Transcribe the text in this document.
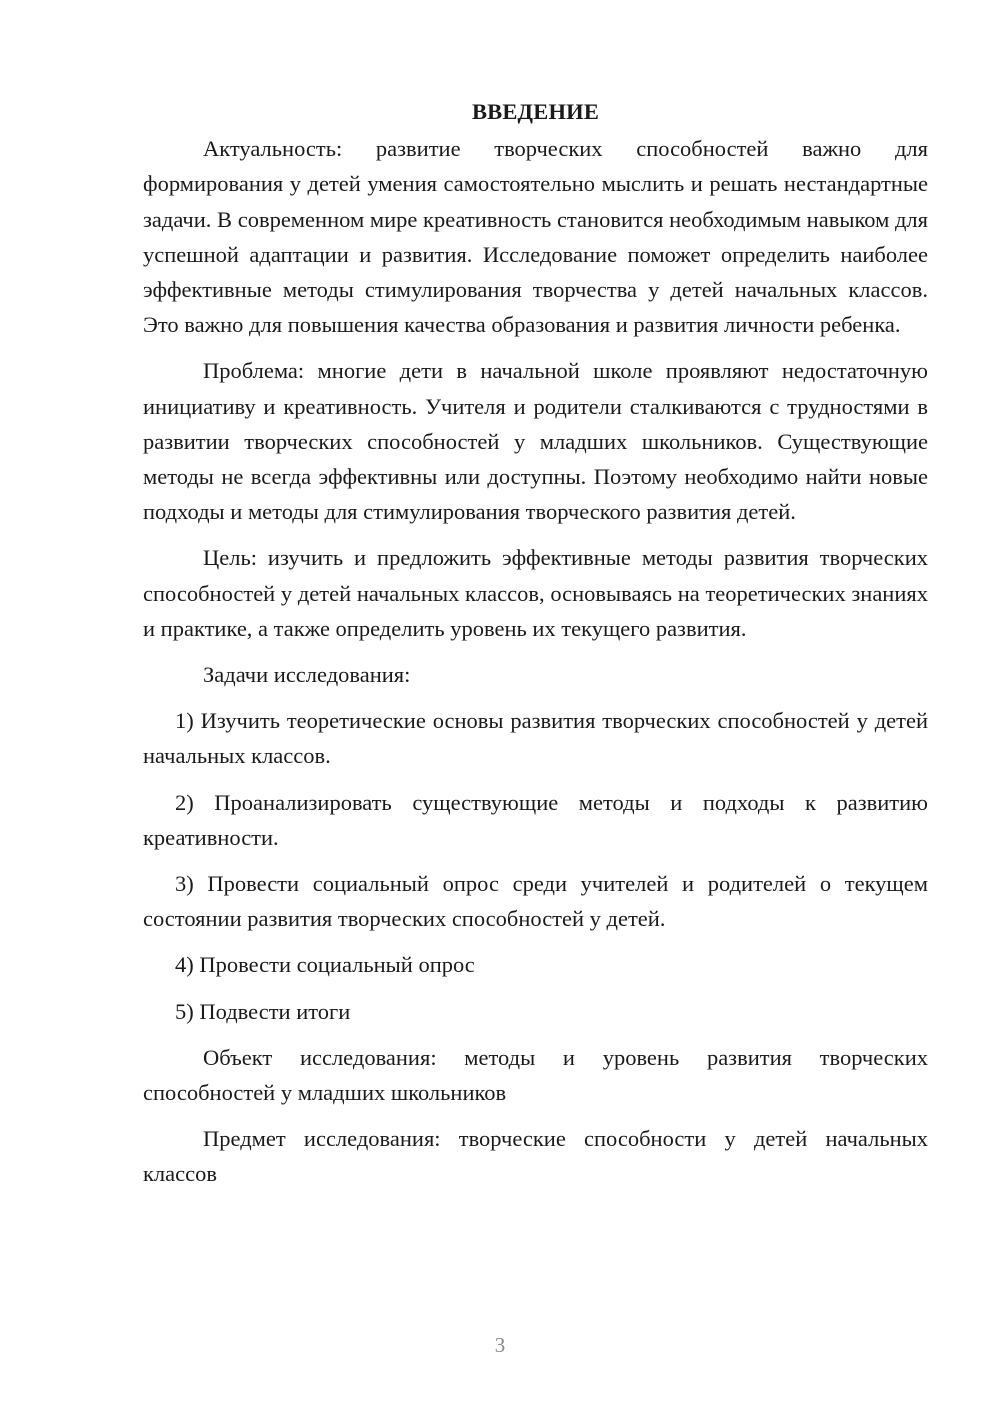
ВВЕДЕНИЕ

Актуальность: развитие творческих способностей важно для формирования у детей умения самостоятельно мыслить и решать нестандартные задачи. В современном мире креативность становится необходимым навыком для успешной адаптации и развития. Исследование поможет определить наиболее эффективные методы стимулирования творчества у детей начальных классов. Это важно для повышения качества образования и развития личности ребенка.

Проблема: многие дети в начальной школе проявляют недостаточную инициативу и креативность. Учителя и родители сталкиваются с трудностями в развитии творческих способностей у младших школьников. Существующие методы не всегда эффективны или доступны. Поэтому необходимо найти новые подходы и методы для стимулирования творческого развития детей.

Цель: изучить и предложить эффективные методы развития творческих способностей у детей начальных классов, основываясь на теоретических знаниях и практике, а также определить уровень их текущего развития.

Задачи исследования:

1) Изучить теоретические основы развития творческих способностей у детей начальных классов.

2) Проанализировать существующие методы и подходы к развитию креативности.

3) Провести социальный опрос среди учителей и родителей о текущем состоянии развития творческих способностей у детей.

4) Провести социальный опрос

5) Подвести итоги

Объект исследования: методы и уровень развития творческих способностей у младших школьников

Предмет исследования: творческие способности у детей начальных классов

3
